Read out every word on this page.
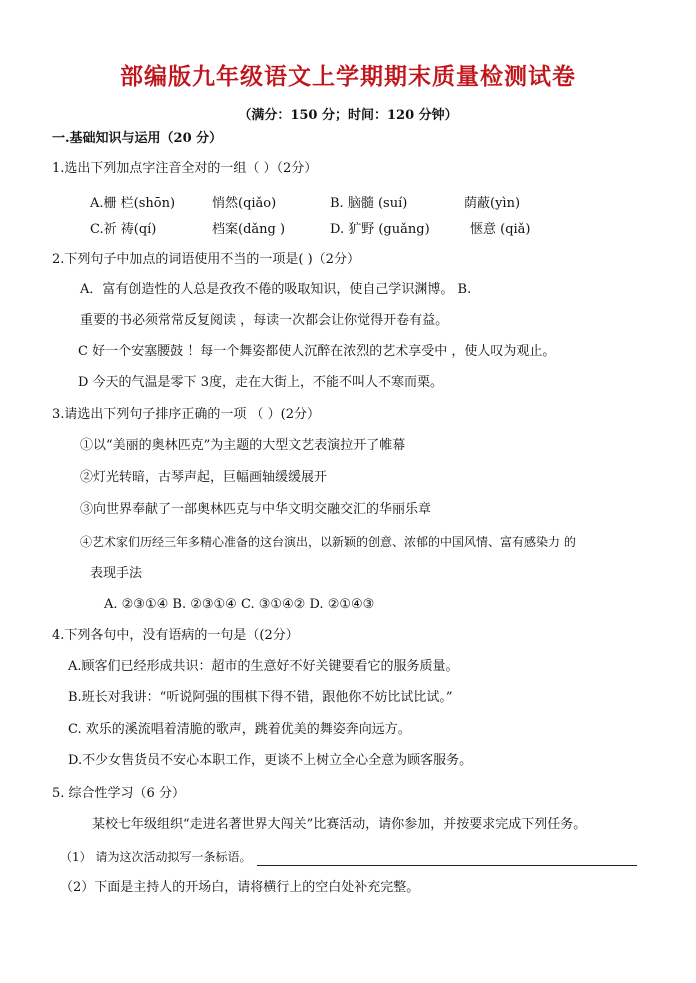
部编版九年级语文上学期期末质量检测试卷
（满分：150 分；时间：120 分钟）
一.基础知识与运用（20 分）
1.选出下列加点字注音全对的一组（ ）（2分）
A.栅 栏(shōn)	悄然(qiǎo)	B. 脑髓 (suí)	荫蔽(yìn)
C.祈 祷(qí)	档案(dǎng )	D. 犷野 (guǎng)	惬意 (qiǎ)
2.下列句子中加点的词语使用不当的一项是( )（2分）
A．富有创造性的人总是孜孜不倦的吸取知识，使自己学识渊博。 B.
重要的书必须常常反复阅读 ，每读一次都会让你觉得开卷有益。
C 好一个安塞腰鼓 ！每一个舞姿都使人沉醉在浓烈的艺术享受中 ，使人叹为观止。
D 今天的气温是零下 3度，走在大街上，不能不叫人不寒而栗。
3.请选出下列句子排序正确的一项 （ ）(2分）
①以“美丽的奥林匹克”为主题的大型文艺表演拉开了帷幕
②灯光转暗，古琴声起，巨幅画轴缓缓展开
③向世界奉献了一部奥林匹克与中华文明交融交汇的华丽乐章
④艺术家们历经三年多精心准备的这台演出，以新颖的创意、浓郁的中国风情、富有感染力 的
表现手法
A. ②③①④ B. ②③①④ C. ③①④② D. ②①④③
4.下列各句中，没有语病的一句是（(2分）
A.顾客们已经形成共识：超市的生意好不好关键要看它的服务质量。
B.班长对我讲：“听说阿强的围棋下得不错，跟他你不妨比试比试。”
C. 欢乐的溪流唱着清脆的歌声，跳着优美的舞姿奔向远方。
D.不少女售货员不安心本职工作，更谈不上树立全心全意为顾客服务。
5. 综合性学习（6 分）
某校七年级组织“走进名著世界大闯关”比赛活动，请你参加，并按要求完成下列任务。
（1） 请为这次活动拟写一条标语。
（2）下面是主持人的开场白，请将横行上的空白处补充完整。
